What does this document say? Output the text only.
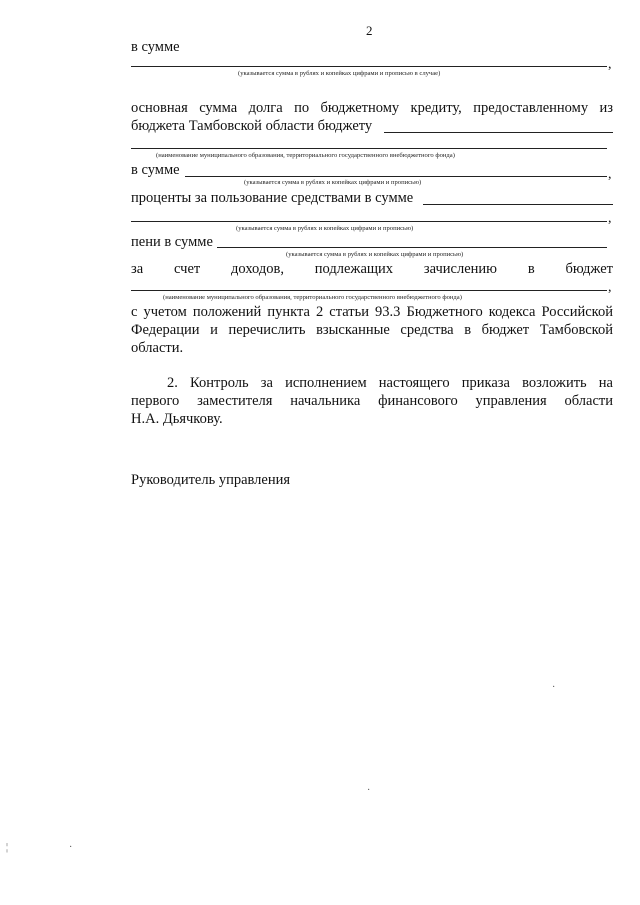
2
в сумме
,
(указывается сумма в рублях и копейках цифрами и прописью в случае)
основная сумма долга по бюджетному кредиту, предоставленному из
бюджета Тамбовской области бюджету
(наименование муниципального образования, территориального государственного внебюджетного фонда)
в сумме	,
(указывается сумма в рублях и копейках цифрами и прописью)
проценты за пользование средствами в сумме
,
(указывается сумма в рублях и копейках цифрами и прописью)
пени в сумме
(указывается сумма в рублях и копейках цифрами и прописью)
за счет доходов, подлежащих зачислению в бюджет
,
(наименование муниципального образования, территориального государственного внебюджетного фонда)
с учетом положений пункта 2 статьи 93.3 Бюджетного кодекса Российской
Федерации и перечислить взысканные средства в бюджет Тамбовской
области.
2. Контроль за исполнением настоящего приказа возложить на
первого заместителя начальника финансового управления области
Н.А. Дьячкову.
Руководитель управления
·
·
¦	·
